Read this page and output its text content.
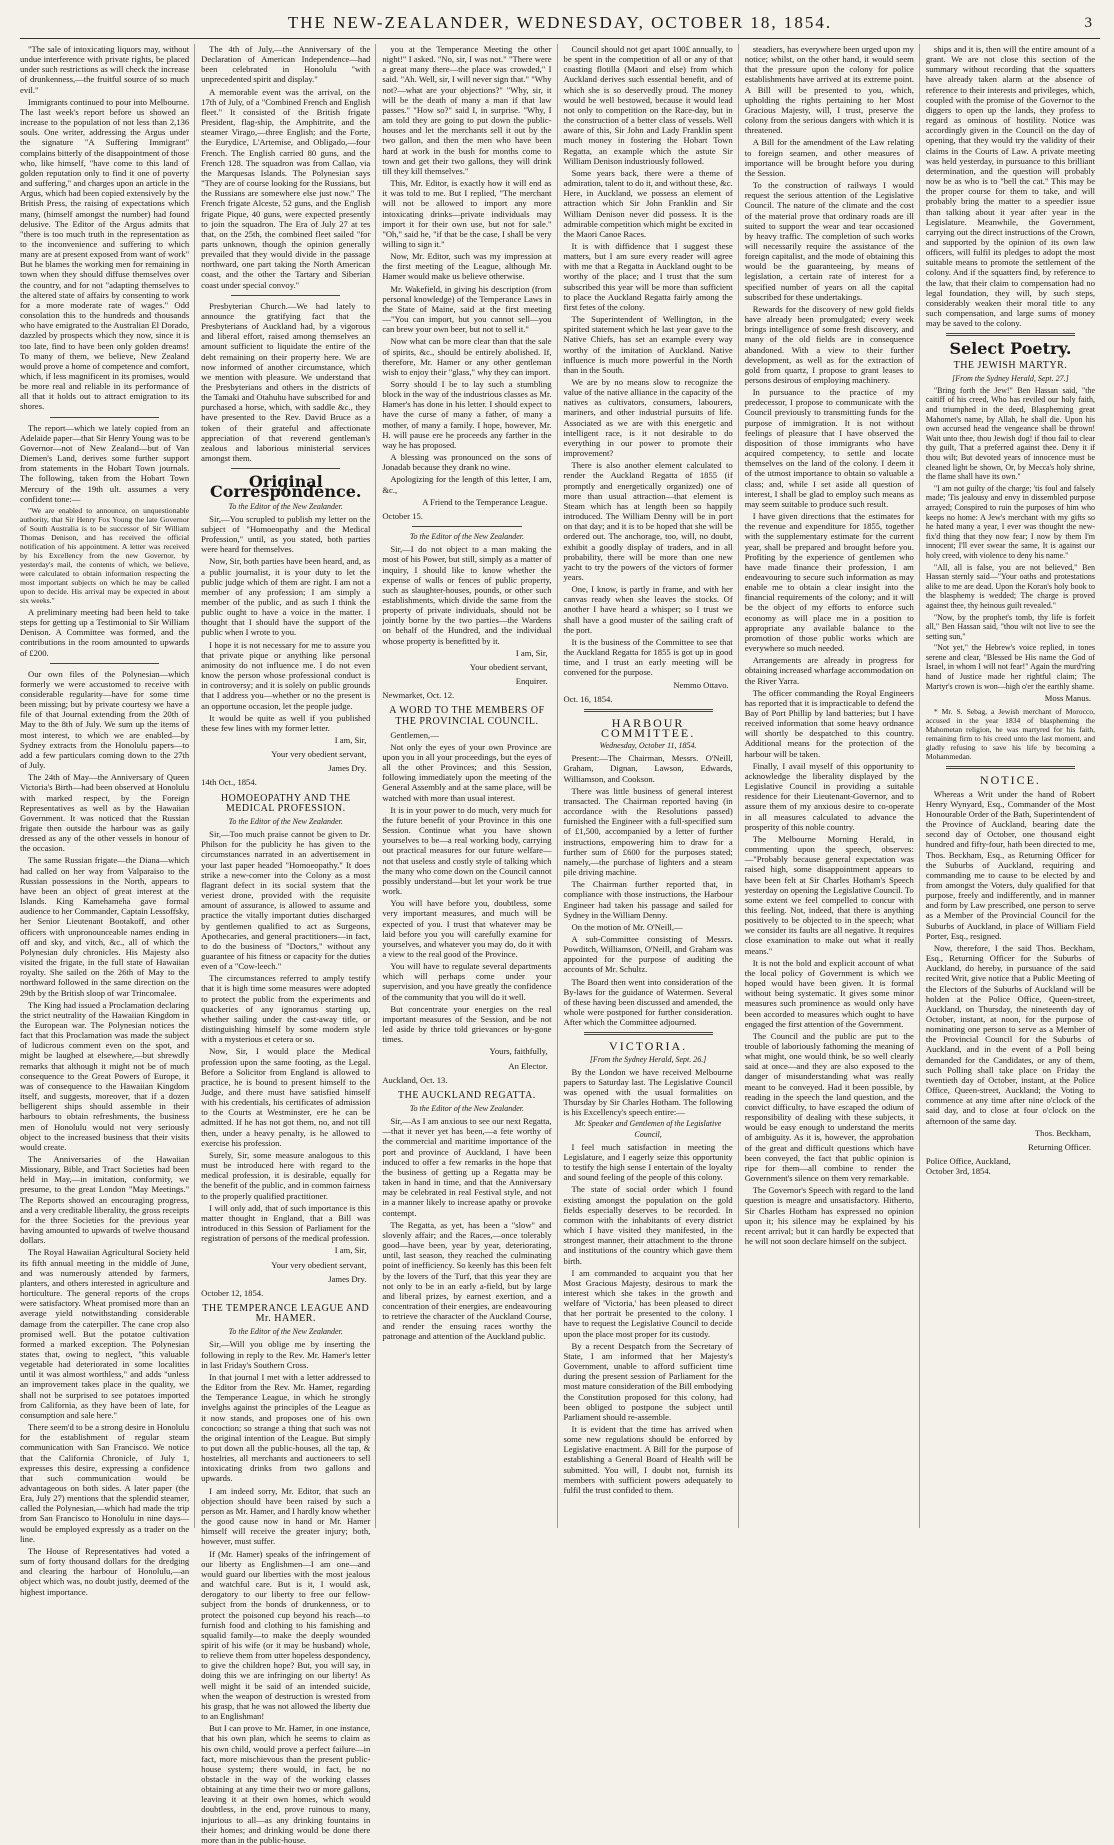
THE NEW-ZEALANDER, WEDNESDAY, OCTOBER 18, 1854.	3

"The sale of intoxicating liquors may, without undue interference with private rights, be placed under such restrictions as will check the increase of drunkenness,—the fruitful source of so much evil."

Immigrants continued to pour into Melbourne. The last week's report before us showed an increase to the population of not less than 2,136 souls. One writer, addressing the Argus under the signature "A Suffering Immigrant" complains bitterly of the disappointment of those who, like himself, "have come to this land of golden reputation only to find it one of poverty and suffering," and charges upon an article in the Argus, which had been copied extensively by the British Press, the raising of expectations which many, (himself amongst the number) had found delusive. The Editor of the Argus admits that "there is too much truth in the representation as to the inconvenience and suffering to which many are at present exposed from want of work" But he blames the working men for remaining in town when they should diffuse themselves over the country, and for not "adapting themselves to the altered state of affairs by consenting to work for a more moderate rate of wages." Odd consolation this to the hundreds and thousands who have emigrated to the Australian El Dorado, dazzled by prospects which they now, since it is too late, find to have been only golden dreams! To many of them, we believe, New Zealand would prove a home of competence and comfort, which, if less magnificent in its promises, would be more real and reliable in its performance of all that it holds out to attract emigration to its shores.

The report—which we lately copied from an Adelaide paper—that Sir Henry Young was to be Governor—not of New Zealand—but of Van Diemen's Land, derives some further support from statements in the Hobart Town journals. The following, taken from the Hobart Town Mercury of the 19th ult. assumes a very confident tone:—

"We are enabled to announce, on unquestionable authority, that Sir Henry Fox Young the late Governor of South Australia is to be successor of Sir William Thomas Denison, and has received the official notification of his appointment. A letter was received by his Excellency from the new Governor, by yesterday's mail, the contents of which, we believe, were calculated to obtain information respecting the most important subjects on which he may be called upon to decide. His arrival may be expected in about six weeks."

A preliminary meeting had been held to take steps for getting up a Testimonial to Sir William Denison. A Committee was formed, and the contributions in the room amounted to upwards of £200.

Our own files of the Polynesian—which formerly we were accustomed to receive with considerable regularity—have for some time been missing; but by private courtesy we have a file of that Journal extending from the 20th of May to the 8th of July. We sum up the items of most interest, to which we are enabled—by Sydney extracts from the Honolulu papers—to add a few particulars coming down to the 27th of July.

The 24th of May—the Anniversary of Queen Victoria's Birth—had been observed at Honolulu with marked respect, by the Foreign Representatives as well as by the Hawaiian Government. It was noticed that the Russian frigate then outside the harbour was as gaily dressed as any of the other vessels in honour of the occasion.

The same Russian frigate—the Diana—which had called on her way from Valparaiso to the Russian possessions in the North, appears to have been an object of great interest at the Islands. King Kamehameha gave formal audience to her Commander, Captain Lessoffsky, her Senior Lieutenant Bootakoff, and other officers with unpronounceable names ending in off and sky, and vitch, &c., all of which the Polynesian duly chronicles. His Majesty also visited the frigate, in the full state of Hawaiian royalty. She sailed on the 26th of May to the northward followed in the same direction on the 29th by the British sloop of war Trincomalee.

The King had issued a Proclamation declaring the strict neutrality of the Hawaiian Kingdom in the European war. The Polynesian notices the fact that this Proclamation was made the subject of ludicrous comment even on the spot, and might be laughed at elsewhere,—but shrewdly remarks that although it might not be of much consequence to the Great Powers of Europe, it was of consequence to the Hawaiian Kingdom itself, and suggests, moreover, that if a dozen belligerent ships should assemble in their harbours to obtain refreshments, the business men of Honolulu would not very seriously object to the increased business that their visits would create.

The Anniversaries of the Hawaiian Missionary, Bible, and Tract Societies had been held in May,—in imitation, conformity, we presume, to the great London "May Meetings." The Reports showed an encouraging progress, and a very creditable liberality, the gross receipts for the three Societies for the previous year having amounted to upwards of twelve thousand dollars.

The Royal Hawaiian Agricultural Society held its fifth annual meeting in the middle of June, and was numerously attended by farmers, planters, and others interested in agriculture and horticulture. The general reports of the crops were satisfactory. Wheat promised more than an average yield notwithstanding considerable damage from the caterpiller. The cane crop also promised well. But the potatoe cultivation formed a marked exception. The Polynesian states that, owing to neglect, "this valuable vegetable had deteriorated in some localities until it was almost worthless," and adds "unless an improvement takes place in the quality, we shall not be surprised to see potatoes imported from California, as they have been of late, for consumption and sale here."

There seem'd to be a strong desire in Honolulu for the establishment of regular steam communication with San Francisco. We notice that the California Chronicle, of July 1, expresses this desire, expressing a confidence that such communication would be advantageous on both sides. A later paper (the Era, July 27) mentions that the splendid steamer, called the Polynesian,—which had made the trip from San Francisco to Honolulu in nine days—would be employed expressly as a trader on the line.

The House of Representatives had voted a sum of forty thousand dollars for the dredging and clearing the harbour of Honolulu,—an object which was, no doubt justly, deemed of the highest importance.

The 4th of July,—the Anniversary of the Declaration of American Independence—had been celebrated in Honolulu "with unprecedented spirit and display."

A memorable event was the arrival, on the 17th of July, of a "Combined French and English fleet." It consisted of the British frigate President, flag-ship, the Amphitrite, and the steamer Virago,—three English; and the Forte, the Eurydice, L'Artemise, and Obligado,—four French. The English carried 80 guns, and the French 128. The squadron was from Callao, via the Marquesas Islands. The Polynesian says "They are of course looking for the Russians, but the Russians are somewhere else just now." The French frigate Alceste, 52 guns, and the English frigate Pique, 40 guns, were expected presently to join the squadron. The Era of July 27 at tes that, on the 25th, the combined fleet sailed "for parts unknown, though the opinion generally prevailed that they would divide in the passage northward, one part taking the North American coast, and the other the Tartary and Siberian coast under special convoy."

Presbyterian Church.—We had lately to announce the gratifying fact that the Presbyterians of Auckland had, by a vigorous and liberal effort, raised among themselves an amount sufficient to liquidate the entire of the debt remaining on their property here. We are now informed of another circumstance, which we mention with pleasure. We understand that the Presbyterians and others in the districts of the Tamaki and Otahuhu have subscribed for and purchased a horse, which, with saddle &c., they have presented to the Rev. David Bruce as a token of their grateful and affectionate appreciation of that reverend gentleman's zealous and laborious ministerial services amongst them.

Original Correspondence.
To the Editor of the New Zealander.

Sir,—You scrupled to publish my letter on the subject of "Homoeopathy and the Medical Profession," until, as you stated, both parties were heard for themselves.

Now, Sir, both parties have been heard, and, as a public journalist, it is your duty to let the public judge which of them are right. I am not a member of any profession; I am simply a member of the public, and as such I think the public ought to have a voice in the matter. I thought that I should have the support of the public when I wrote to you.

I hope it is not necessary for me to assure you that private pique or anything like personal animosity do not influence me. I do not even know the person whose professional conduct is in controversy; and it is solely on public grounds that I address you—whether or no the present is an opportune occasion, let the people judge.

It would be quite as well if you published these few lines with my former letter.

I am, Sir,
Your very obedient servant,
James Dry.
14th Oct., 1854.
HOMOEOPATHY AND THE MEDICAL PROFESSION.
To the Editor of the New Zealander.

Sir,—Too much praise cannot be given to Dr. Philson for the publicity he has given to the circumstances narrated in an advertisement in your last paper headed "Homoeopathy." It does strike a new-comer into the Colony as a most flagrant defect in its social system that the veriest drone, provided with the requisite amount of assurance, is allowed to assume and practice the vitally important duties discharged by gentlemen qualified to act as Surgeons, Apothecaries, and general practitioners—in fact, to do the business of "Doctors," without any guarantee of his fitness or capacity for the duties even of a "Cow-leech."

The circumstances referred to amply testify that it is high time some measures were adopted to protect the public from the experiments and quackeries of any ignoramus starting up, whether sailing under the cast-away title, or distinguishing himself by some modern style with a mysterious et cetera or so.

Now, Sir, I would place the Medical profession upon the same footing, as the Legal. Before a Solicitor from England is allowed to practice, he is bound to present himself to the Judge, and there must have satisfied himself with his credentials, his certificates of admission to the Courts at Westminster, ere he can be admitted. If he has not got them, no, and not till then, under a heavy penalty, is he allowed to exercise his profession.

Surely, Sir, some measure analogous to this must be introduced here with regard to the medical profession, it is desirable, equally for the benefit of the public, and in common fairness to the properly qualified practitioner.

I will only add, that of such importance is this matter thought in England, that a Bill was introduced in this Session of Parliament for the registration of persons of the medical profession.

I am, Sir,
Your very obedient servant,
James Dry.
October 12, 1854.
THE TEMPERANCE LEAGUE AND Mr. HAMER.
To the Editor of the New Zealander.

Sir,—Will you oblige me by inserting the following in reply to the Rev. Mr. Hamer's letter in last Friday's Southern Cross.

In that journal I met with a letter addressed to the Editor from the Rev. Mr. Hamer, regarding the Temperance League, in which he strongly invelghs against the principles of the League as it now stands, and proposes one of his own concoction; so strange a thing that such was not the original intention of the League. But simply to put down all the public-houses, all the tap, & hostelries, all merchants and auctioneers to sell intoxicating drinks from two gallons and upwards.

I am indeed sorry, Mr. Editor, that such an objection should have been raised by such a person as Mr. Hamer, and I hardly know whether the good cause now in hand or Mr. Hamer himself will receive the greater injury; both, however, must suffer.

If (Mr. Hamer) speaks of the infringement of our liberty as Englishmen—I am one—and would guard our liberties with the most jealous and watchful care. But is it, I would ask, derogatory to our liberty to free our fellow-subject from the bonds of drunkenness, or to protect the poisoned cup beyond his reach—to furnish food and clothing to his famishing and squalid family—to make the deeply wounded spirit of his wife (or it may be husband) whole, to relieve them from utter hopeless despondency, to give the children hope? But, you will say, in doing this we are infringing on our liberty! As well might it be said of an intended suicide, when the weapon of destruction is wrested from his grasp, that he was not allowed the liberty due to an Englishman!

But I can prove to Mr. Hamer, in one instance, that his own plan, which he seems to claim as his own child, would prove a perfect failure—in fact, more mischievous than the present public-house system; there would, in fact, be no obstacle in the way of the working classes obtaining at any time their two or more gallons, leaving it at their own homes, which would doubtless, in the end, prove ruinous to many, injurious to all—as any drinking fountains in their homes; and drinking would be done there more than in the public-house.

you at the Temperance Meeting the other night!" I asked. "No, sir, I was not." "There were a great many there—the place was crowded," I said. "Ah. Well, sir, I will never sign that." "Why not?—what are your objections?" "Why, sir, it will be the death of many a man if that law passes." "How so?" said I, in surprise. "Why, I am told they are going to put down the public-houses and let the merchants sell it out by the two gallon, and then the men who have been hard at work in the bush for months come to town and get their two gallons, they will drink till they kill themselves."

This, Mr. Editor, is exactly how it will end as it was told to me. But I replied, "The merchant will not be allowed to import any more intoxicating drinks—private individuals may import it for their own use, but not for sale." "Oh," said he, "if that be the case, I shall be very willing to sign it."

Now, Mr. Editor, such was my impression at the first meeting of the League, although Mr. Hamer would make us believe otherwise.

Mr. Wakefield, in giving his description (from personal knowledge) of the Temperance Laws in the State of Maine, said at the first meeting—"You can import, but you cannot sell—you can brew your own beer, but not to sell it."

Now what can be more clear than that the sale of spirits, &c., should be entirely abolished. If, therefore, Mr. Hamer or any other gentleman wish to enjoy their "glass," why they can import.

Sorry should I be to lay such a stumbling block in the way of the industrious classes as Mr. Hamer's has done in his letter. I should expect to have the curse of many a father, of many a mother, of many a family. I hope, however, Mr. H. will pause ere he proceeds any farther in the way he has proposed.

A blessing was pronounced on the sons of Jonadab because they drank no wine.

Apologizing for the length of this letter, I am, &c.,

A Friend to the Temperance League.
October 15.
To the Editor of the New Zealander.

Sir,—I do not object to a man making the most of his Power, but still, simply as a matter of inquiry, I should like to know whether the expense of walls or fences of public property, such as slaughter-houses, pounds, or other such establishments, which divide the same from the property of private individuals, should not be jointly borne by the two parties—the Wardens on behalf of the Hundred, and the individual whose property is benefitted by it.

I am, Sir,
Your obedient servant,
Enquirer.
Newmarket, Oct. 12.
A WORD TO THE MEMBERS OF THE PROVINCIAL COUNCIL.

Gentlemen,—

Not only the eyes of your own Province are upon you in all your proceedings, but the eyes of all the other Provinces; and this Session, following immediately upon the meeting of the General Assembly and at the same place, will be watched with more than usual interest.

It is in your power to do much, very much for the future benefit of your Province in this one Session. Continue what you have shown yourselves to be—a real working body, carrying out practical measures for our future welfare—not that useless and costly style of talking which the many who come down on the Council cannot possibly understand—but let your work be true work.

You will have before you, doubtless, some very important measures, and much will be expected of you. I trust that whatever may be laid before you you will carefully examine for yourselves, and whatever you may do, do it with a view to the real good of the Province.

You will have to regulate several departments which will perhaps come under your supervision, and you have greatly the confidence of the community that you will do it well.

But concentrate your energies on the real important measures of the Session, and be not led aside by thrice told grievances or by-gone times.

Yours, faithfully,
An Elector.
Auckland, Oct. 13.
THE AUCKLAND REGATTA.
To the Editor of the New Zealander.

Sir,—As I am anxious to see our next Regatta,—that it never yet has been,—a fete worthy of the commercial and maritime importance of the port and province of Auckland, I have been induced to offer a few remarks in the hope that the business of getting up a Regatta may be taken in hand in time, and that the Anniversary may be celebrated in real Festival style, and not in a manner likely to increase apathy or provoke contempt.

The Regatta, as yet, has been a "slow" and slovenly affair; and the Races,—once tolerably good—have been, year by year, deteriorating, until, last season, they reached the culminating point of inefficiency. So keenly has this been felt by the lovers of the Turf, that this year they are not only to be in an early a-field, but by large and liberal prizes, by earnest exertion, and a concentration of their energies, are endeavouring to retrieve the character of the Auckland Course, and render the ensuing races worthy the patronage and attention of the Auckland public.

Council should not get apart 100£ annually, to be spent in the competition of all or any of that coasting flotilla (Maori and else) from which Auckland derives such essential benefit, and of which she is so deservedly proud. The money would be well bestowed, because it would lead not only to competition on the Race-day, but in the construction of a better class of vessels. Well aware of this, Sir John and Lady Franklin spent much money in fostering the Hobart Town Regatta, an example which the astute Sir William Denison industriously followed.

Some years back, there were a theme of admiration, talent to do it, and without these, &c. Here, in Auckland, we possess an element of attraction which Sir John Franklin and Sir William Denison never did possess. It is the admirable competition which might be excited in the Maori Canoe Races.

It is with diffidence that I suggest these matters, but I am sure every reader will agree with me that a Regatta in Auckland ought to be worthy of the place; and I trust that the sum subscribed this year will be more than sufficient to place the Auckland Regatta fairly among the first fetes of the colony.

The Superintendent of Wellington, in the spirited statement which he last year gave to the Native Chiefs, has set an example every way worthy of the imitation of Auckland. Native influence is much more powerful in the North than in the South.

We are by no means slow to recognize the value of the native alliance in the capacity of the natives as cultivators, consumers, labourers, mariners, and other industrial pursuits of life. Associated as we are with this energetic and intelligent race, is it not desirable to do everything in our power to promote their improvement?

There is also another element calculated to render the Auckland Regatta of 1855 (if promptly and energetically organized) one of more than usual attraction—that element is Steam which has at length been so happily introduced. The William Denny will be in port on that day; and it is to be hoped that she will be ordered out. The anchorage, too, will, no doubt, exhibit a goodly display of traders, and in all probability, there will be more than one new yacht to try the powers of the victors of former years.

One, I know, is partly in frame, and with her canvas ready when she leaves the stocks. Of another I have heard a whisper; so I trust we shall have a good muster of the sailing craft of the port.

It is the business of the Committee to see that the Auckland Regatta for 1855 is got up in good time, and I trust an early meeting will be convened for the purpose.

Nemmo Ottavo.
Oct. 16, 1854.
HARBOUR COMMITTEE.
Wednesday, October 11, 1854.

Present:—The Chairman, Messrs. O'Neill, Graham, Dignan, Lawson, Edwards, Williamson, and Cookson.

There was little business of general interest transacted. The Chairman reported having (in accordance with the Resolutions passed) furnished the Engineer with a full-specified sum of £1,500, accompanied by a letter of further instructions, empowering him to draw for a further sum of £600 for the purposes stated; namely,—the purchase of lighters and a steam pile driving machine.

The Chairman further reported that, in compliance with those instructions, the Harbour Engineer had taken his passage and sailed for Sydney in the William Denny.

On the motion of Mr. O'Neill,—

A sub-Committee consisting of Messrs. Powditch, Williamson, O'Neill, and Graham was appointed for the purpose of auditing the accounts of Mr. Schultz.

The Board then went into consideration of the By-laws for the guidance of Watermen. Several of these having been discussed and amended, the whole were postponed for further consideration. After which the Committee adjourned.

VICTORIA.
[From the Sydney Herald, Sept. 26.]

By the London we have received Melbourne papers to Saturday last. The Legislative Council was opened with the usual formalities on Thursday by Sir Charles Hotham. The following is his Excellency's speech entire:—

Mr. Speaker and Gentlemen of the Legislative Council,

I feel much satisfaction in meeting the Legislature, and I eagerly seize this opportunity to testify the high sense I entertain of the loyalty and sound feeling of the people of this colony.

The state of social order which I found existing amongst the population on the gold fields especially deserves to be recorded. In common with the inhabitants of every district which I have visited they manifested, in the strongest manner, their attachment to the throne and institutions of the country which gave them birth.

I am commanded to acquaint you that her Most Gracious Majesty, desirous to mark the interest which she takes in the growth and welfare of 'Victoria,' has been pleased to direct that her portrait be presented to the colony. I have to request the Legislative Council to decide upon the place most proper for its custody.

By a recent Despatch from the Secretary of State, I am informed that her Majesty's Government, unable to afford sufficient time during the present session of Parliament for the most mature consideration of the Bill embodying the Constitution proposed for this colony, had been obliged to postpone the subject until Parliament should re-assemble.

It is evident that the time has arrived when some new regulations should be enforced by Legislative enactment. A Bill for the purpose of establishing a General Board of Health will be submitted. You will, I doubt not, furnish its members with sufficient powers adequately to fulfil the trust confided to them.

steadiers, has everywhere been urged upon my notice; whilst, on the other hand, it would seem that the pressure upon the colony for police establishments have arrived at its extreme point. A Bill will be presented to you, which, upholding the rights pertaining to her Most Gracious Majesty, will, I trust, preserve the colony from the serious dangers with which it is threatened.

A Bill for the amendment of the Law relating to foreign seamen, and other measures of importance will be brought before you during the Session.

To the construction of railways I would request the serious attention of the Legislative Council. The nature of the climate and the cost of the material prove that ordinary roads are ill suited to support the wear and tear occasioned by heavy traffic. The completion of such works will necessarily require the assistance of the foreign capitalist, and the mode of obtaining this would be the guaranteeing, by means of legislation, a certain rate of interest for a specified number of years on all the capital subscribed for these undertakings.

Rewards for the discovery of new gold fields have already been promulgated; every week brings intelligence of some fresh discovery, and many of the old fields are in consequence abandoned. With a view to their further development, as well as for the extraction of gold from quartz, I propose to grant leases to persons desirous of employing machinery.

In pursuance to the practice of my predecessor, I propose to communicate with the Council previously to transmitting funds for the purpose of immigration. It is not without feelings of pleasure that I have observed the disposition of those immigrants who have acquired competency, to settle and locate themselves on the land of the colony. I deem it of the utmost importance to obtain so valuable a class; and, while I set aside all question of interest, I shall be glad to employ such means as may seem suitable to produce such result.

I have given directions that the estimates for the revenue and expenditure for 1855, together with the supplementary estimate for the current year, shall be prepared and brought before you. Profiting by the experience of gentlemen who have made finance their profession, I am endeavouring to secure such information as may enable me to obtain a clear insight into the financial requirements of the colony; and it will be the object of my efforts to enforce such economy as will place me in a position to appropriate any available balance to the promotion of those public works which are everywhere so much needed.

Arrangements are already in progress for obtaining increased wharfage accommodation on the River Yarra.

The officer commanding the Royal Engineers has reported that it is impracticable to defend the Bay of Port Phillip by land batteries; but I have received information that some heavy ordnance will shortly be despatched to this country. Additional means for the protection of the harbour will be taken.

Finally, I avail myself of this opportunity to acknowledge the liberality displayed by the Legislative Council in providing a suitable residence for their Lieutenant-Governor, and to assure them of my anxious desire to co-operate in all measures calculated to advance the prosperity of this noble country.

The Melbourne Morning Herald, in commenting upon the speech, observes:—"Probably because general expectation was raised high, some disappointment appears to have been felt at Sir Charles Hotham's Speech yesterday on opening the Legislative Council. To some extent we feel compelled to concur with this feeling. Not, indeed, that there is anything positively to be objected to in the speech; what we consider its faults are all negative. It requires close examination to make out what it really means."

It is not the bold and explicit account of what the local policy of Government is which we hoped would have been given. It is formal without being systematic. It gives some minor measures such prominence as would only have been accorded to measures which ought to have engaged the first attention of the Government.

The Council and the public are put to the trouble of laboriously fathoming the meaning of what might, one would think, be so well clearly said at once—and they are also exposed to the danger of misunderstanding what was really meant to be conveyed. Had it been possible, by reading in the speech the land question, and the convict difficulty, to have escaped the odium of responsibility of dealing with these subjects, it would be easy enough to understand the merits of ambiguity. As it is, however, the approbation of the great and difficult questions which have been conveyed, the fact that public opinion is ripe for them—all combine to render the Government's silence on them very remarkable.

The Governor's Speech with regard to the land question is meagre and unsatisfactory. Hitherto, Sir Charles Hotham has expressed no opinion upon it; his silence may be explained by his recent arrival; but it can hardly be expected that he will not soon declare himself on the subject.

ships and it is, then will the entire amount of a grant. We are not close this section of the summary without recording that the squatters have already taken alarm at the absence of reference to their interests and privileges, which, coupled with the promise of the Governor to the diggers to open up the lands, they profess to regard as ominous of hostility. Notice was accordingly given in the Council on the day of opening, that they would try the validity of their claims in the Courts of Law. A private meeting was held yesterday, in pursuance to this brilliant determination, and the question will probably now be as who is to "bell the cat." This may be the proper course for them to take, and will probably bring the matter to a speedier issue than talking about it year after year in the Legislature. Meanwhile, the Government, carrying out the direct instructions of the Crown, and supported by the opinion of its own law officers, will fulfil its pledges to adopt the most suitable means to promote the settlement of the colony. And if the squatters find, by reference to the law, that their claim to compensation had no legal foundation, they will, by such steps, considerably weaken their moral title to any such compensation, and large sums of money may be saved to the colony.

Select Poetry.
THE JEWISH MARTYR.
[From the Sydney Herald, Sept. 27.]

"Bring forth the Jew!" Ben Hassan said, "the caitiff of his creed, Who has reviled our holy faith, and triumphed in the deed, Blaspheming great Mahomet's name, by Allah, he shall die. Upon his own accursed head the vengeance shall be thrown! Wait unto thee, thou Jewish dog! if thou fail to clear thy guilt, That a preferred against thee. Deny it if thou wilt; But devoted years of innocence must be cleaned light be shown, Or, by Mecca's holy shrine, the flame shall have its own."

"I am not guilty of the charge; 'tis foul and falsely made; 'Tis jealousy and envy in dissembled purpose arrayed; Conspired to ruin the purposes of him who keeps no home: A Jew's merchant with my gifts so he hated many a year, I ever was thought the new-fix'd thing that they now fear; I now by them I'm innocent; I'll ever swear the same, It is against our holy creed, with violence to deny his name."

"All, all is false, you are not believed," Ben Hassan sternly said—"Your oaths and protestations alike to me are dead. Upon the Koran's holy book to the blasphemy is wedded; The charge is proved against thee, thy heinous guilt revealed."

"Now, by the prophet's tomb, thy life is forfeit all," Ben Hassan said, "thou wilt not live to see the setting sun,"

"Not yet," the Hebrew's voice replied, in tones serene and clear, "Blessed be His name the God of Israel, in whom I will not fear!" Again the murd'ring hand of Justice made her rightful claim; The Martyr's crown is won—high o'er the earthly shame.

Moss Manus.

* Mr. S. Sebag, a Jewish merchant of Morocco, accused in the year 1834 of blaspheming the Mahometan religion, he was martyred for his faith, remaining firm to his creed unto the last moment, and gladly refusing to save his life by becoming a Mohammedan.

NOTICE.

Whereas a Writ under the hand of Robert Henry Wynyard, Esq., Commander of the Most Honourable Order of the Bath, Superintendent of the Province of Auckland, bearing date the second day of October, one thousand eight hundred and fifty-four, hath been directed to me, Thos. Beckham, Esq., as Returning Officer for the Suburbs of Auckland, requiring and commanding me to cause to be elected by and from amongst the Voters, duly qualified for that purpose, freely and indifferently, and in manner and form by Law prescribed, one person to serve as a Member of the Provincial Council for the Suburbs of Auckland, in place of William Field Porter, Esq., resigned.

Now, therefore, I the said Thos. Beckham, Esq., Returning Officer for the Suburbs of Auckland, do hereby, in pursuance of the said recited Writ, give notice that a Public Meeting of the Electors of the Suburbs of Auckland will be holden at the Police Office, Queen-street, Auckland, on Thursday, the nineteenth day of October, instant, at noon, for the purpose of nominating one person to serve as a Member of the Provincial Council for the Suburbs of Auckland, and in the event of a Poll being demanded for the Candidates, or any of them, such Polling shall take place on Friday the twentieth day of October, instant, at the Police Office, Queen-street, Auckland; the Voting to commence at any time after nine o'clock of the said day, and to close at four o'clock on the afternoon of the same day.

Thos. Beckham,
Returning Officer.
Police Office, Auckland,
October 3rd, 1854.
